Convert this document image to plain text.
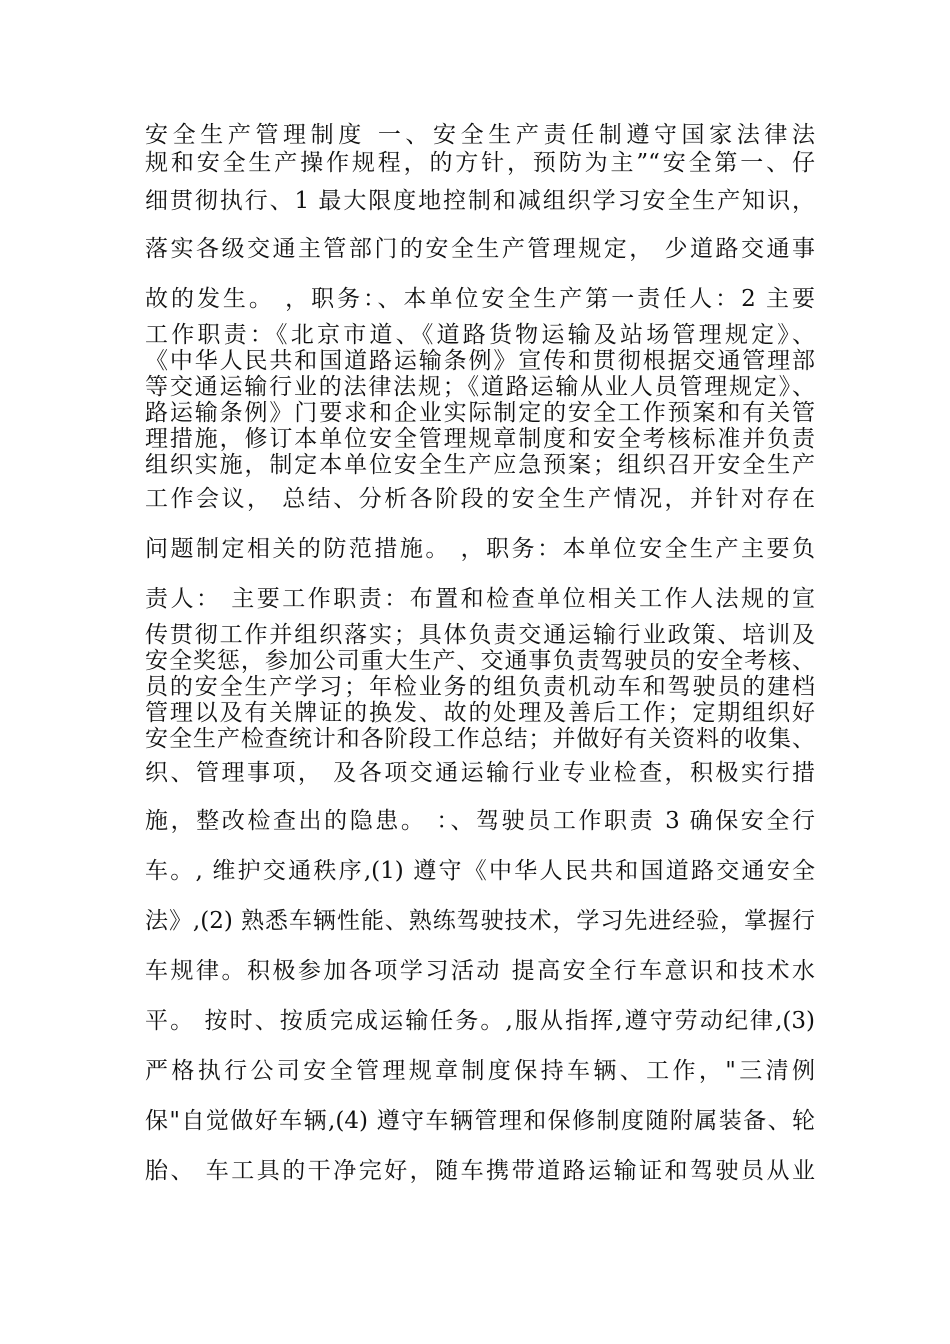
安全生产管理制度 一、安全生产责任制遵守国家法律法
规和安全生产操作规程，的方针，预防为主”“安全第一、仔
细贯彻执行、1 最大限度地控制和减组织学习安全生产知识，
落实各级交通主管部门的安全生产管理规定， 少道路交通事
故的发生。 ，职务：、本单位安全生产第一责任人：2 主要
工作职责：《北京市道、《道路货物运输及站场管理规定》、
《中华人民共和国道路运输条例》宣传和贯彻根据交通管理部
等交通运输行业的法律法规；《道路运输从业人员管理规定》、
路运输条例》门要求和企业实际制定的安全工作预案和有关管
理措施，修订本单位安全管理规章制度和安全考核标准并负责
组织实施，制定本单位安全生产应急预案；组织召开安全生产
工作会议， 总结、分析各阶段的安全生产情况，并针对存在
问题制定相关的防范措施。 ，职务：本单位安全生产主要负
责人： 主要工作职责：布置和检查单位相关工作人法规的宣
传贯彻工作并组织落实；具体负责交通运输行业政策、培训及
安全奖惩，参加公司重大生产、交通事负责驾驶员的安全考核、
员的安全生产学习；年检业务的组负责机动车和驾驶员的建档
管理以及有关牌证的换发、故的处理及善后工作；定期组织好
安全生产检查统计和各阶段工作总结；并做好有关资料的收集、
织、管理事项， 及各项交通运输行业专业检查，积极实行措
施，整改检查出的隐患。 ：、驾驶员工作职责 3 确保安全行
车。, 维护交通秩序,(1) 遵守《中华人民共和国道路交通安全
法》,(2) 熟悉车辆性能、熟练驾驶技术，学习先进经验，掌握行
车规律。积极参加各项学习活动 提高安全行车意识和技术水
平。 按时、按质完成运输任务。,服从指挥,遵守劳动纪律,(3)
严格执行公司安全管理规章制度保持车辆、工作，"三清例
保"自觉做好车辆,(4) 遵守车辆管理和保修制度随附属装备、轮
胎、 车工具的干净完好，随车携带道路运输证和驾驶员从业
